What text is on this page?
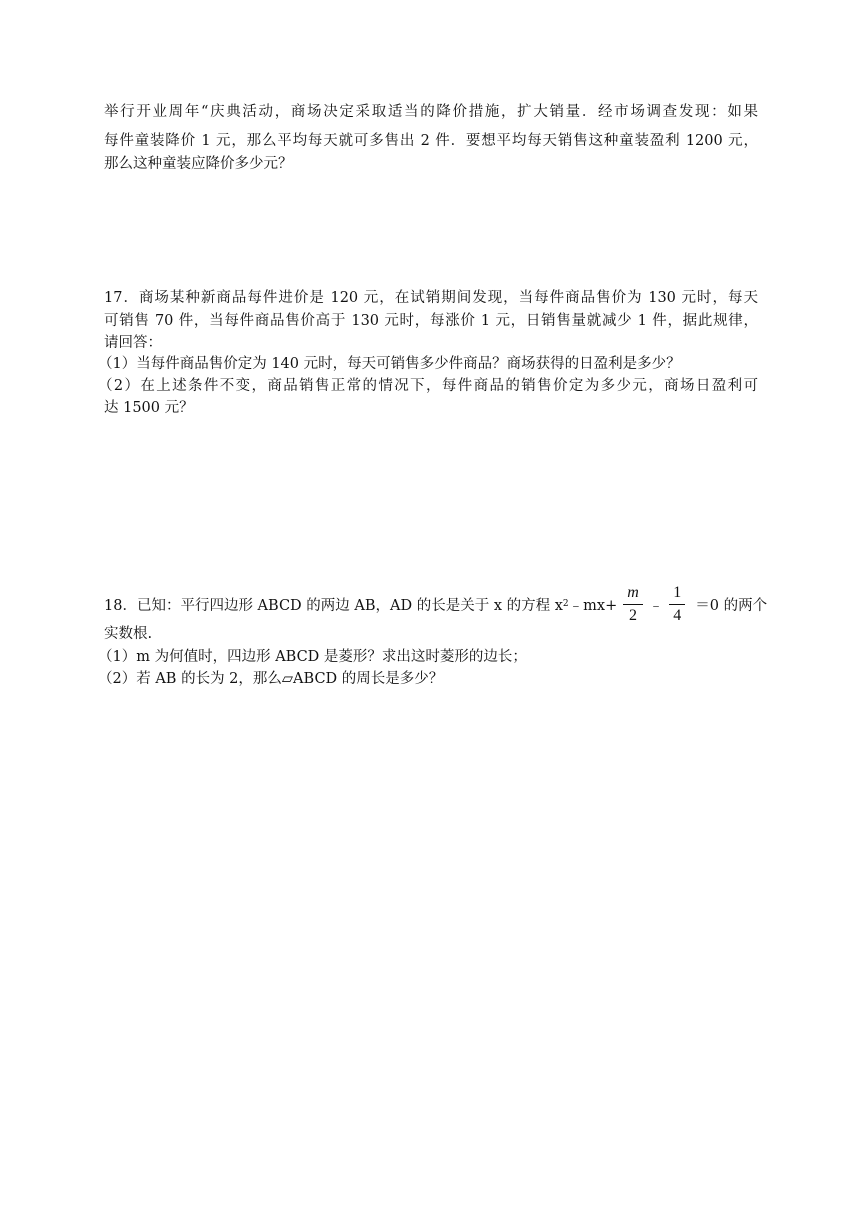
举行开业周年“庆典活动，商场决定采取适当的降价措施，扩大销量．经市场调查发现：如果
每件童装降价 1 元，那么平均每天就可多售出 2 件．要想平均每天销售这种童装盈利 1200 元，
那么这种童装应降价多少元？
17．商场某种新商品每件进价是 120 元，在试销期间发现，当每件商品售价为 130 元时，每天
可销售 70 件，当每件商品售价高于 130 元时，每涨价 1 元，日销售量就减少 1 件，据此规律，
请回答：
（1）当每件商品售价定为 140 元时，每天可销售多少件商品？商场获得的日盈利是多少？
（2）在上述条件不变，商品销售正常的情况下，每件商品的销售价定为多少元，商场日盈利可
达 1500 元？
18．已知：平行四边形 ABCD 的两边 AB，AD 的长是关于 x 的方程 x 2 ﹣mx+ $\frac{m}{2}$ ﹣ $\frac{1}{4} =0$ 的两个
实数根.
（1）m 为何值时，四边形 ABCD 是菱形？求出这时菱形的边长；
（2）若 AB 的长为 2，那么▱ABCD 的周长是多少？
